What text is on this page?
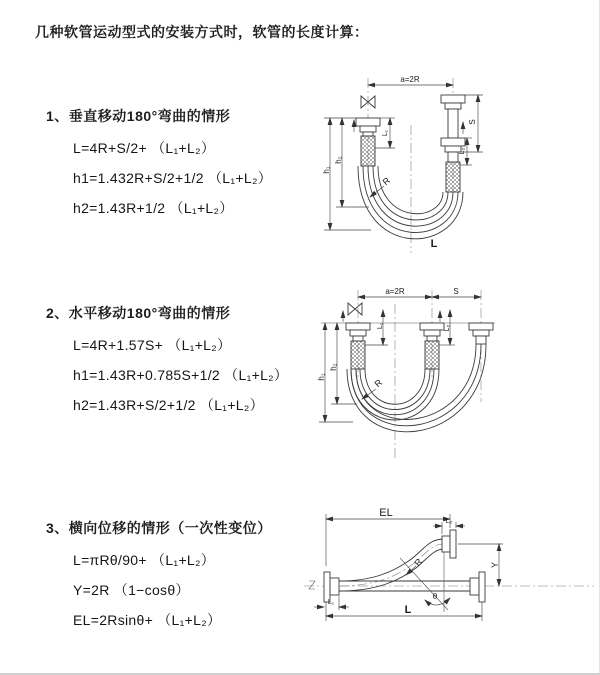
几种软管运动型式的安装方式时，软管的长度计算：
1、垂直移动180°弯曲的情形
L=4R+S/2+ （L₁+L₂）
h1=1.432R+S/2+1/2 （L₁+L₂）
h2=1.43R+1/2 （L₁+L₂）
2、水平移动180°弯曲的情形
L=4R+1.57S+ （L₁+L₂）
h1=1.43R+0.785S+1/2 （L₁+L₂）
h2=1.43R+S/2+1/2 （L₁+L₂）
3、横向位移的情形（一次性变位）
L=πRθ/90+ （L₁+L₂）
Y=2R （1−cosθ）
EL=2Rsinθ+ （L₁+L₂）
a=2R
L₁
S
L₂
h₁
h₂
R
L
a=2R	S
h₁
h₂
L₁	L₂
R
EL
L₂
Y
R
θ
L
L₁
